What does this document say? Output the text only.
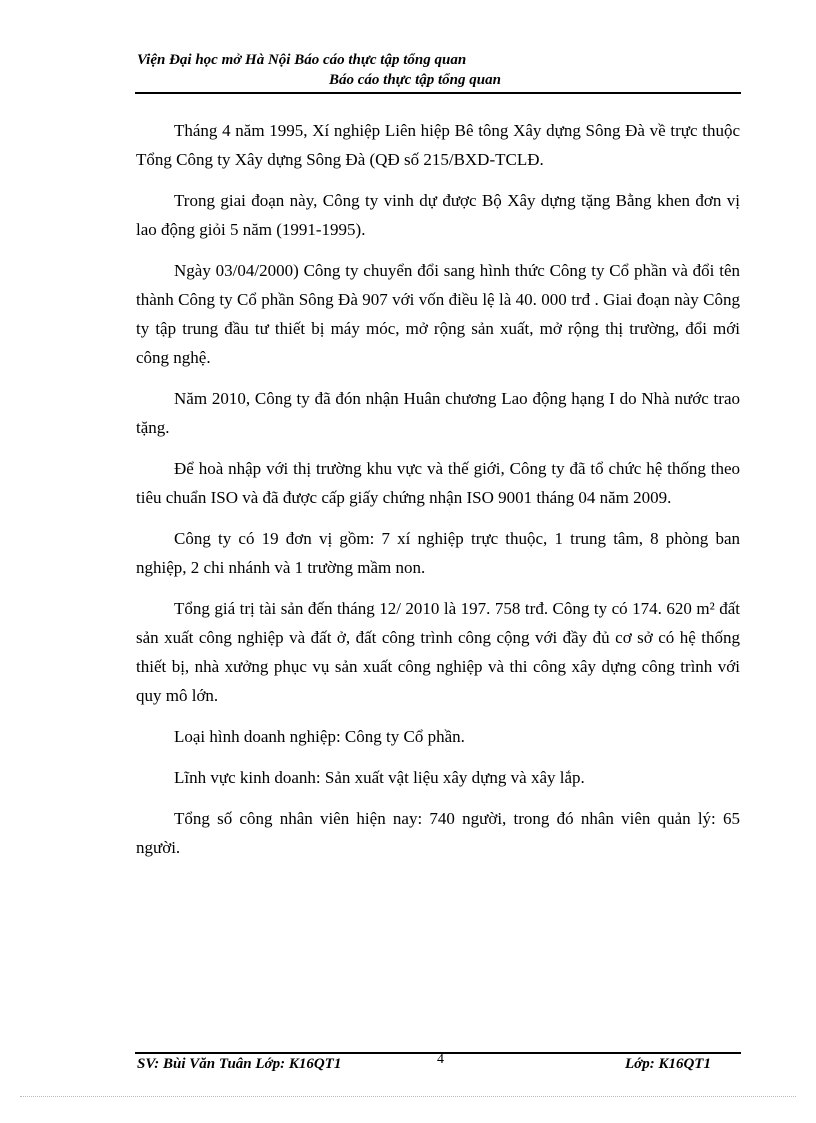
Viện Đại học mở Hà Nội Báo cáo thực tập tổng quan
Báo cáo thực tập tổng quan

Tháng 4 năm 1995, Xí nghiệp Liên hiệp Bê tông Xây dựng Sông Đà về trực thuộc Tổng Công ty Xây dựng Sông Đà (QĐ số 215/BXD-TCLĐ.

Trong giai đoạn này, Công ty vinh dự được Bộ Xây dựng tặng Bằng khen đơn vị lao động giỏi 5 năm (1991-1995).

Ngày 03/04/2000) Công ty chuyển đổi sang hình thức Công ty Cổ phần và đổi tên thành Công ty Cổ phần Sông Đà 907 với vốn điều lệ là 40. 000 trđ . Giai đoạn này Công ty tập trung đầu tư thiết bị máy móc, mở rộng sản xuất, mở rộng thị trường, đổi mới công nghệ.

Năm 2010, Công ty đã đón nhận Huân chương Lao động hạng I do Nhà nước trao tặng.

Để hoà nhập với thị trường khu vực và thế giới, Công ty đã tổ chức hệ thống theo tiêu chuẩn ISO và đã được cấp giấy chứng nhận ISO 9001 tháng 04 năm 2009.

Công ty có 19 đơn vị gồm: 7 xí nghiệp trực thuộc, 1 trung tâm, 8 phòng ban nghiệp, 2 chi nhánh và 1 trường mầm non.

Tổng giá trị tài sản đến tháng 12/ 2010 là 197. 758 trđ. Công ty có 174. 620 m² đất sản xuất công nghiệp và đất ở, đất công trình công cộng với đầy đủ cơ sở có hệ thống thiết bị, nhà xưởng phục vụ sản xuất công nghiệp và thi công xây dựng công trình với quy mô lớn.

Loại hình doanh nghiệp: Công ty Cổ phần.

Lĩnh vực kinh doanh: Sản xuất vật liệu xây dựng và xây lắp.

Tổng số công nhân viên hiện nay: 740 người, trong đó nhân viên quản lý: 65 người.

SV: Bùi Văn Tuân Lớp: K16QT1	4	Lớp: K16QT1
